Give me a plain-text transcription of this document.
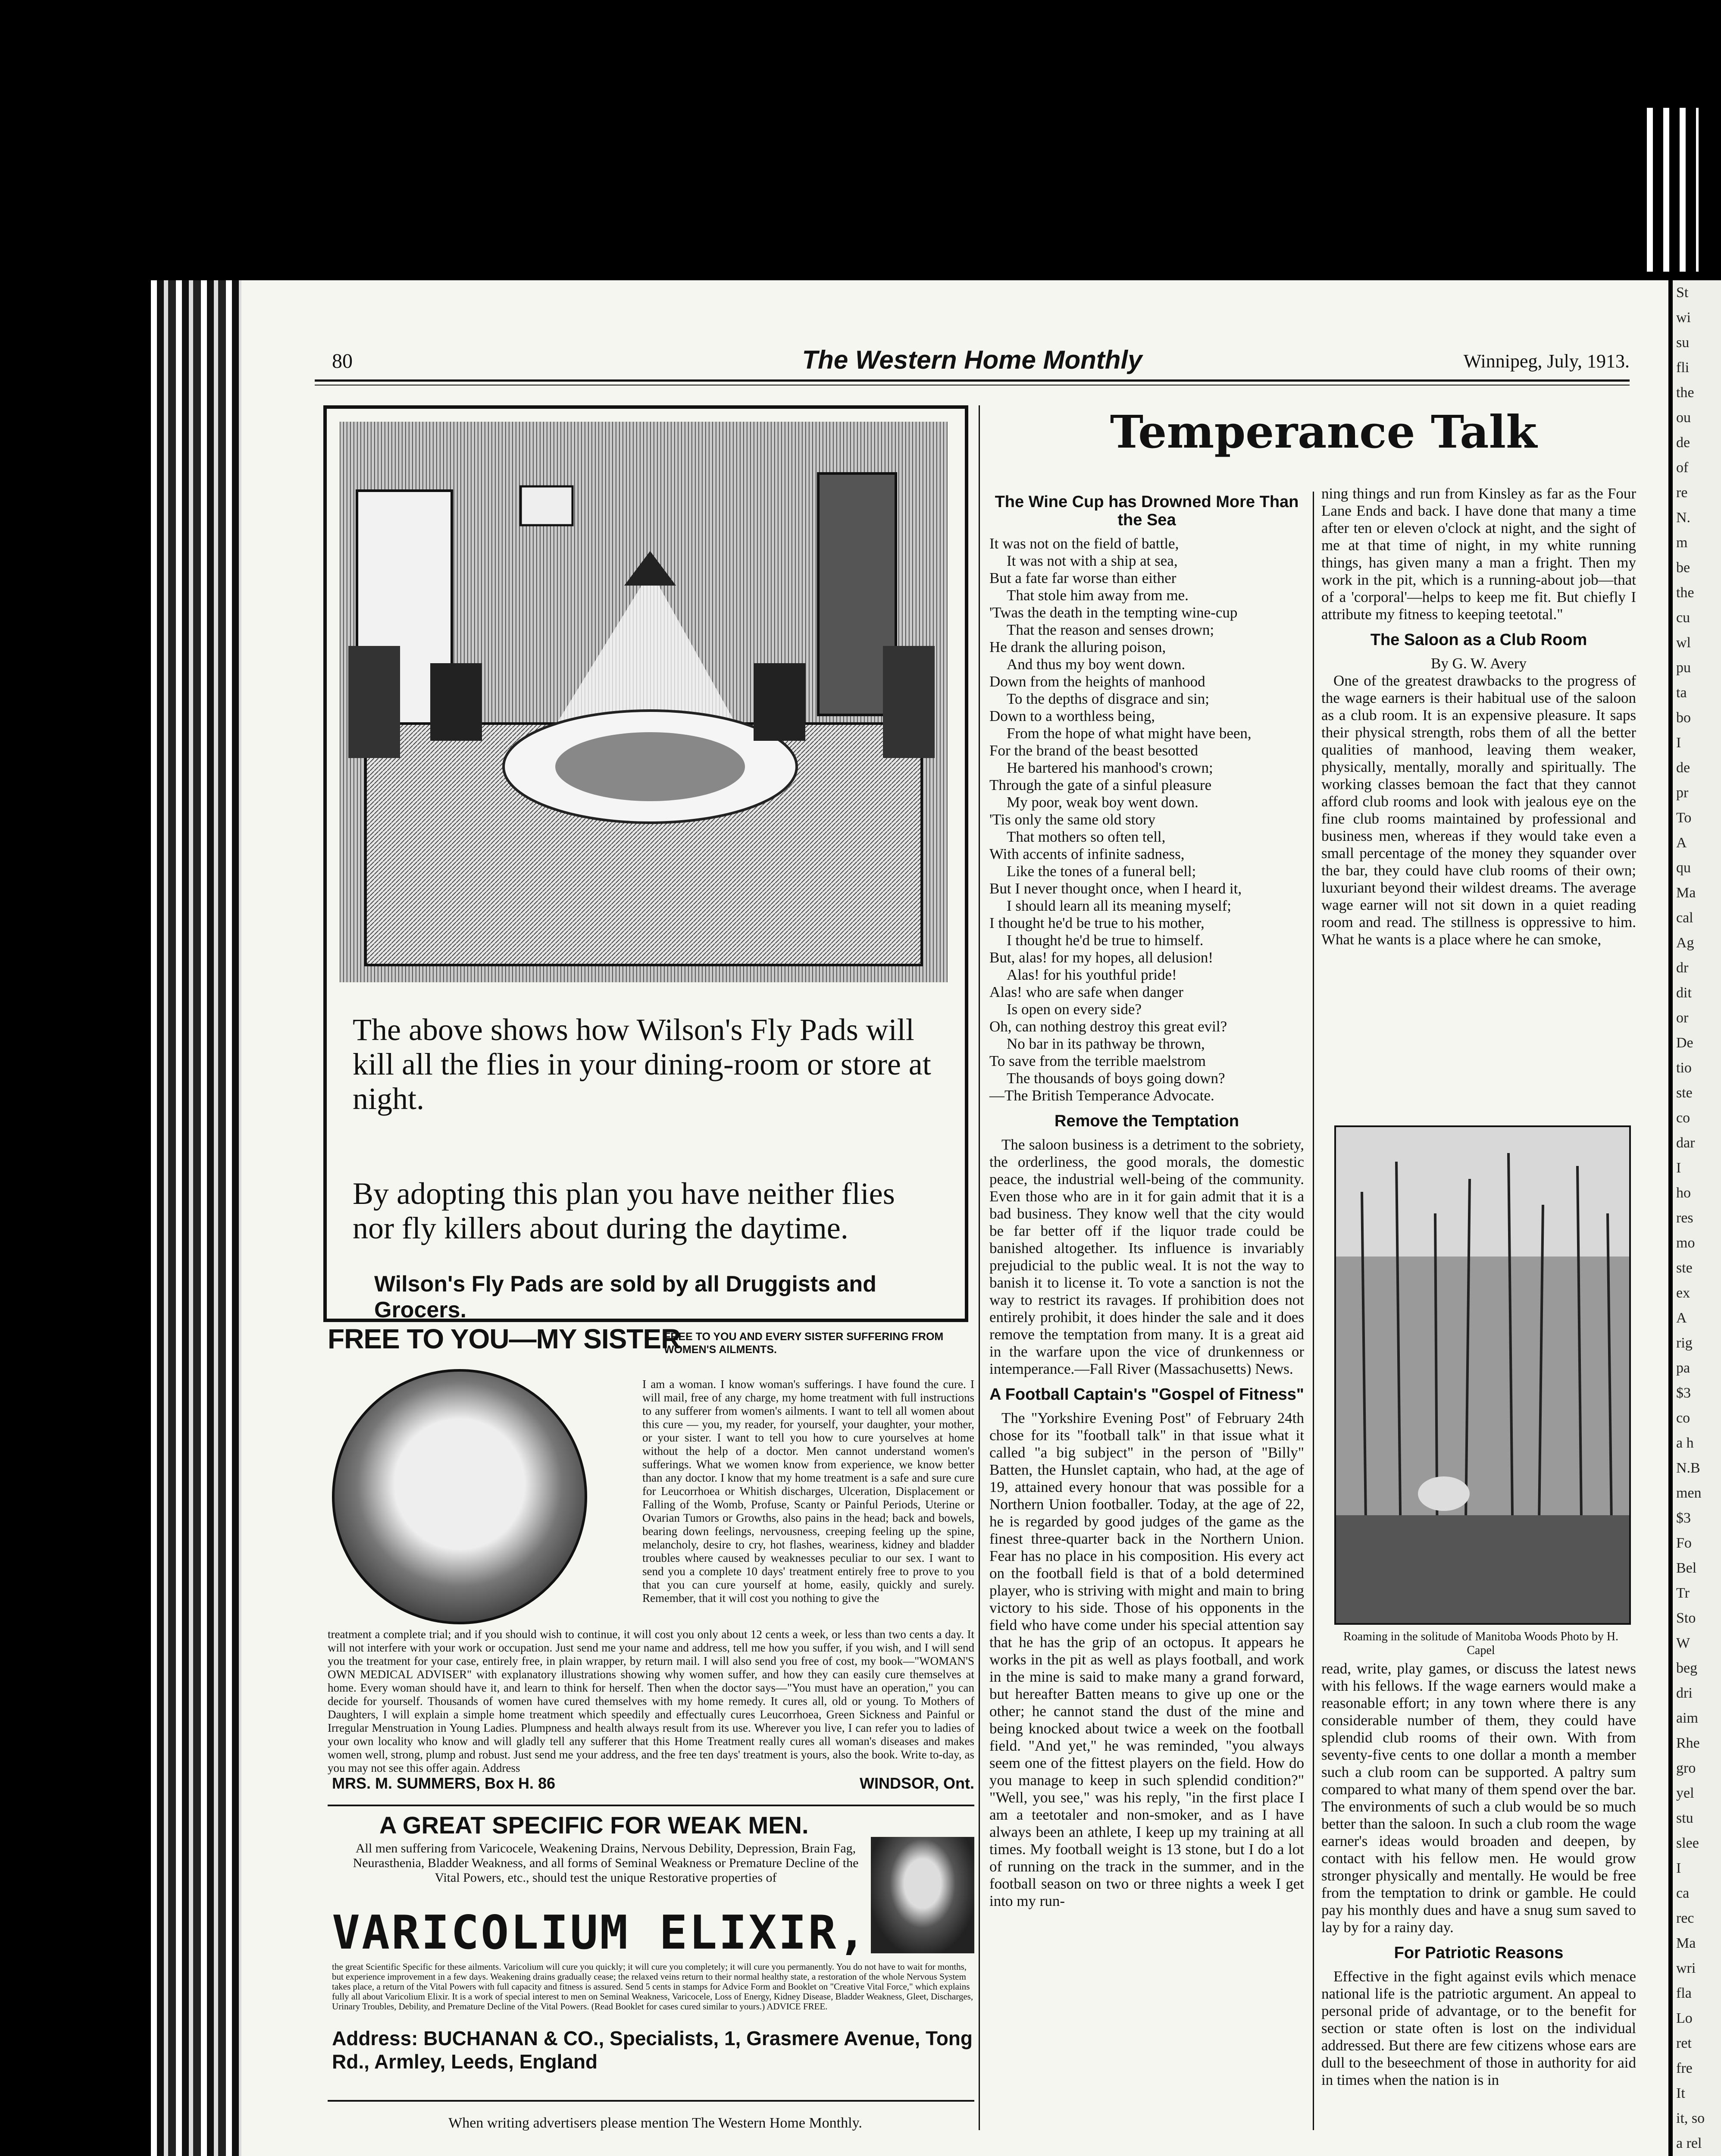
St
wi
su
fli
the
ou
de
of
re
N.
m
be
the
cu
wl
pu
ta
bo
I
de
pr
To
A
qu
Ma
cal
Ag
dr
dit
or
De
tio
ste
co
dar
I
ho
res
mo
ste
ex
A
rig
pa
$3
co
a h
N.B
men
$3
Fo
Bel
Tr
Sto
W
beg
dri
aim
Rhe
gro
yel
stu
slee
I
ca
rec
Ma
wri
fla
Lo
ret
fre
It
it, so
a rel
80	The Western Home Monthly	Winnipeg, July, 1913.
The above shows how Wilson's Fly Pads will kill all the flies in your dining-room or store at night.
By adopting this plan you have neither flies nor fly killers about during the daytime.
Wilson's Fly Pads are sold by all Druggists and Grocers.
FREE TO YOU—MY SISTER
FREE TO YOU AND EVERY SISTER SUFFERING FROM WOMEN'S AILMENTS.
I am a woman. I know woman's sufferings. I have found the cure. I will mail, free of any charge, my home treatment with full instructions to any sufferer from women's ailments. I want to tell all women about this cure — you, my reader, for yourself, your daughter, your mother, or your sister. I want to tell you how to cure yourselves at home without the help of a doctor. Men cannot understand women's sufferings. What we women know from experience, we know better than any doctor. I know that my home treatment is a safe and sure cure for Leucorrhoea or Whitish discharges, Ulceration, Displacement or Falling of the Womb, Profuse, Scanty or Painful Periods, Uterine or Ovarian Tumors or Growths, also pains in the head; back and bowels, bearing down feelings, nervousness, creeping feeling up the spine, melancholy, desire to cry, hot flashes, weariness, kidney and bladder troubles where caused by weaknesses peculiar to our sex. I want to send you a complete 10 days' treatment entirely free to prove to you that you can cure yourself at home, easily, quickly and surely. Remember, that it will cost you nothing to give the
treatment a complete trial; and if you should wish to continue, it will cost you only about 12 cents a week, or less than two cents a day. It will not interfere with your work or occupation. Just send me your name and address, tell me how you suffer, if you wish, and I will send you the treatment for your case, entirely free, in plain wrapper, by return mail. I will also send you free of cost, my book—"WOMAN'S OWN MEDICAL ADVISER" with explanatory illustrations showing why women suffer, and how they can easily cure themselves at home. Every woman should have it, and learn to think for herself. Then when the doctor says—"You must have an operation," you can decide for yourself. Thousands of women have cured themselves with my home remedy. It cures all, old or young. To Mothers of Daughters, I will explain a simple home treatment which speedily and effectually cures Leucorrhoea, Green Sickness and Painful or Irregular Menstruation in Young Ladies. Plumpness and health always result from its use. Wherever you live, I can refer you to ladies of your own locality who know and will gladly tell any sufferer that this Home Treatment really cures all woman's diseases and makes women well, strong, plump and robust. Just send me your address, and the free ten days' treatment is yours, also the book. Write to-day, as you may not see this offer again. Address
MRS. M. SUMMERS, Box H. 86	WINDSOR, Ont.
A GREAT SPECIFIC FOR WEAK MEN.
All men suffering from Varicocele, Weakening Drains, Nervous Debility, Depression, Brain Fag, Neurasthenia, Bladder Weakness, and all forms of Seminal Weakness or Premature Decline of the Vital Powers, etc., should test the unique Restorative properties of
VARICOLIUM ELIXIR,
the great Scientific Specific for these ailments. Varicolium will cure you quickly; it will cure you completely; it will cure you permanently. You do not have to wait for months, but experience improvement in a few days. Weakening drains gradually cease; the relaxed veins return to their normal healthy state, a restoration of the whole Nervous System takes place, a return of the Vital Powers with full capacity and fitness is assured. Send 5 cents in stamps for Advice Form and Booklet on "Creative Vital Force," which explains fully all about Varicolium Elixir. It is a work of special interest to men on Seminal Weakness, Varicocele, Loss of Energy, Kidney Disease, Bladder Weakness, Gleet, Discharges, Urinary Troubles, Debility, and Premature Decline of the Vital Powers. (Read Booklet for cases cured similar to yours.) ADVICE FREE.
Address: BUCHANAN & CO., Specialists, 1, Grasmere Avenue, Tong Rd., Armley, Leeds, England
When writing advertisers please mention The Western Home Monthly.
Temperance Talk
The Wine Cup has Drowned More Than the Sea
It was not on the field of battle,
It was not with a ship at sea,
But a fate far worse than either
That stole him away from me.
'Twas the death in the tempting wine-cup
That the reason and senses drown;
He drank the alluring poison,
And thus my boy went down.
Down from the heights of manhood
To the depths of disgrace and sin;
Down to a worthless being,
From the hope of what might have been,
For the brand of the beast besotted
He bartered his manhood's crown;
Through the gate of a sinful pleasure
My poor, weak boy went down.
'Tis only the same old story
That mothers so often tell,
With accents of infinite sadness,
Like the tones of a funeral bell;
But I never thought once, when I heard it,
I should learn all its meaning myself;
I thought he'd be true to his mother,
I thought he'd be true to himself.
But, alas! for my hopes, all delusion!
Alas! for his youthful pride!
Alas! who are safe when danger
Is open on every side?
Oh, can nothing destroy this great evil?
No bar in its pathway be thrown,
To save from the terrible maelstrom
The thousands of boys going down?
—The British Temperance Advocate.
Remove the Temptation

The saloon business is a detriment to the sobriety, the orderliness, the good morals, the domestic peace, the industrial well-being of the community. Even those who are in it for gain admit that it is a bad business. They know well that the city would be far better off if the liquor trade could be banished altogether. Its influence is invariably prejudicial to the public weal. It is not the way to banish it to license it. To vote a sanction is not the way to restrict its ravages. If prohibition does not entirely prohibit, it does hinder the sale and it does remove the temptation from many. It is a great aid in the warfare upon the vice of drunkenness or intemperance.—Fall River (Massachusetts) News.

A Football Captain's "Gospel of Fitness"

The "Yorkshire Evening Post" of February 24th chose for its "football talk" in that issue what it called "a big subject" in the person of "Billy" Batten, the Hunslet captain, who had, at the age of 19, attained every honour that was possible for a Northern Union footballer. Today, at the age of 22, he is regarded by good judges of the game as the finest three-quarter back in the Northern Union. Fear has no place in his composition. His every act on the football field is that of a bold determined player, who is striving with might and main to bring victory to his side. Those of his opponents in the field who have come under his special attention say that he has the grip of an octopus. It appears he works in the pit as well as plays football, and work in the mine is said to make many a grand forward, but hereafter Batten means to give up one or the other; he cannot stand the dust of the mine and being knocked about twice a week on the football field. "And yet," he was reminded, "you always seem one of the fittest players on the field. How do you manage to keep in such splendid condition?" "Well, you see," was his reply, "in the first place I am a teetotaler and non-smoker, and as I have always been an athlete, I keep up my training at all times. My football weight is 13 stone, but I do a lot of running on the track in the summer, and in the football season on two or three nights a week I get into my run-

ning things and run from Kinsley as far as the Four Lane Ends and back. I have done that many a time after ten or eleven o'clock at night, and the sight of me at that time of night, in my white running things, has given many a man a fright. Then my work in the pit, which is a running-about job—that of a 'corporal'—helps to keep me fit. But chiefly I attribute my fitness to keeping teetotal."

The Saloon as a Club Room
By G. W. Avery

One of the greatest drawbacks to the progress of the wage earners is their habitual use of the saloon as a club room. It is an expensive pleasure. It saps their physical strength, robs them of all the better qualities of manhood, leaving them weaker, physically, mentally, morally and spiritually. The working classes bemoan the fact that they cannot afford club rooms and look with jealous eye on the fine club rooms maintained by professional and business men, whereas if they would take even a small percentage of the money they squander over the bar, they could have club rooms of their own; luxuriant beyond their wildest dreams. The average wage earner will not sit down in a quiet reading room and read. The stillness is oppressive to him. What he wants is a place where he can smoke,

Roaming in the solitude of Manitoba Woods Photo by H. Capel

read, write, play games, or discuss the latest news with his fellows. If the wage earners would make a reasonable effort; in any town where there is any considerable number of them, they could have splendid club rooms of their own. With from seventy-five cents to one dollar a month a member such a club room can be supported. A paltry sum compared to what many of them spend over the bar. The environments of such a club would be so much better than the saloon. In such a club room the wage earner's ideas would broaden and deepen, by contact with his fellow men. He would grow stronger physically and mentally. He would be free from the temptation to drink or gamble. He could pay his monthly dues and have a snug sum saved to lay by for a rainy day.

For Patriotic Reasons

Effective in the fight against evils which menace national life is the patriotic argument. An appeal to personal pride of advantage, or to the benefit for section or state often is lost on the individual addressed. But there are few citizens whose ears are dull to the beseechment of those in authority for aid in times when the nation is in
